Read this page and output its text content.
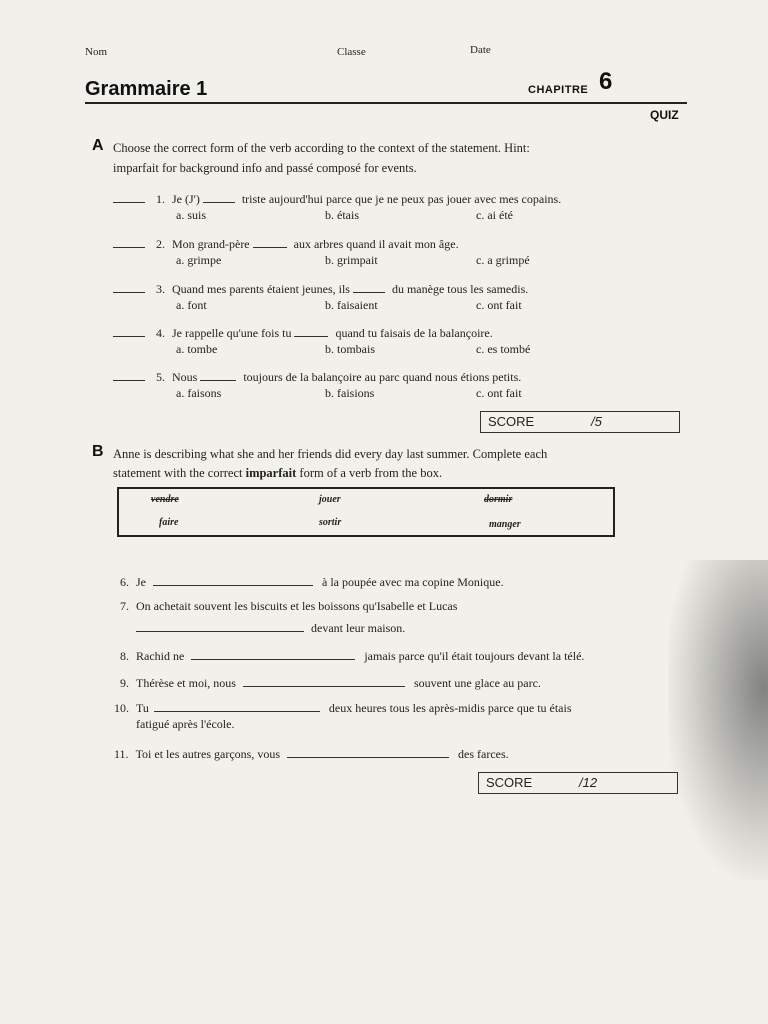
Nom	Classe	Date
Grammaire 1	CHAPITRE 6
QUIZ
A Choose the correct form of the verb according to the context of the statement. Hint:
imparfait for background info and passé composé for events.
1. Je (J')	triste aujourd'hui parce que je ne peux pas jouer avec mes copains.
a. suis	b. étais	c. ai été
2. Mon grand-père	aux arbres quand il avait mon âge.
a. grimpe	b. grimpait	c. a grimpé
3. Quand mes parents étaient jeunes, ils	du manège tous les samedis.
a. font	b. faisaient	c. ont fait
4. Je rappelle qu'une fois tu	quand tu faisais de la balançoire.
a. tombe	b. tombais	c. es tombé
5. Nous	toujours de la balançoire au parc quand nous étions petits.
a. faisons	b. faisions	c. ont fait
SCORE	/5
B Anne is describing what she and her friends did every day last summer. Complete each
statement with the correct imparfait form of a verb from the box.
vendre	jouer	dormir
faire	sortir	manger
6. Je	à la poupée avec ma copine Monique.
7. On achetait souvent les biscuits et les boissons qu'Isabelle et Lucas
devant leur maison.
8. Rachid ne	jamais parce qu'il était toujours devant la télé.
9. Thérèse et moi, nous	souvent une glace au parc.
10. Tu	deux heures tous les après-midis parce que tu étais
fatigué après l'école.
11. Toi et les autres garçons, vous	des farces.
SCORE	/12
